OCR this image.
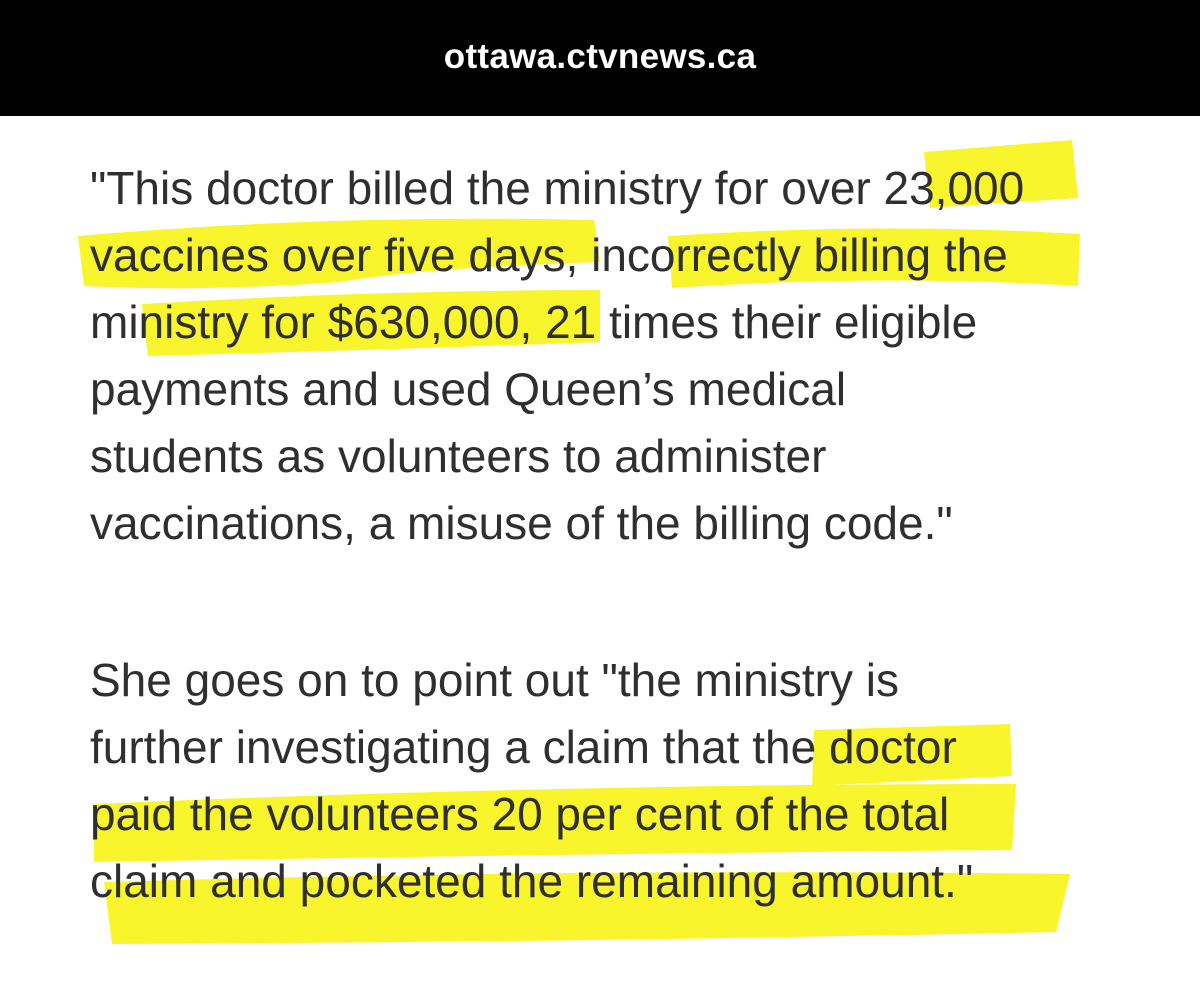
ottawa.ctvnews.ca
"This doctor billed the ministry for over 23,000
vaccines over five days, incorrectly billing the
ministry for $630,000, 21 times their eligible
payments and used Queen’s medical
students as volunteers to administer
vaccinations, a misuse of the billing code."
She goes on to point out "the ministry is
further investigating a claim that the doctor
paid the volunteers 20 per cent of the total
claim and pocketed the remaining amount."
